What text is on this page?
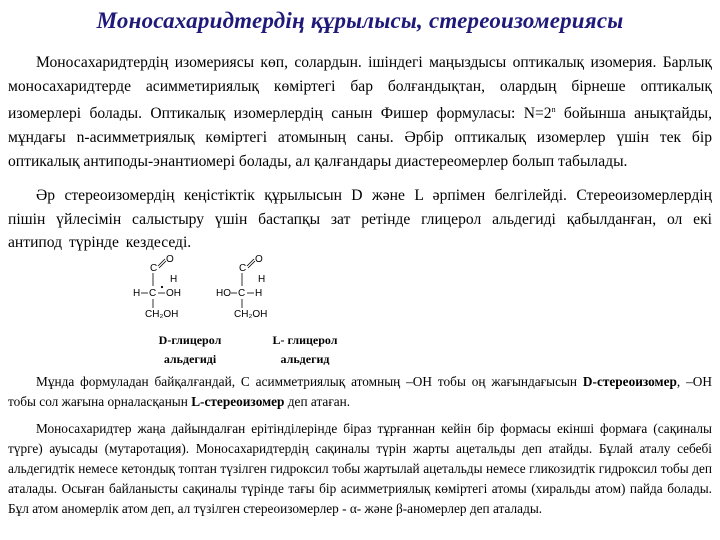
Моносахаридтердің құрылысы, стереоизомериясы

Моносахаридтердің изомериясы көп, солардын. ішіндегі маңыздысы оптикалық изомерия. Барлық моносахаридтерде асимметириялық көміртегі бар болғандықтан, олардың бірнеше оптикалық изомерлері болады. Оптикалық изомерлердің санын Фишер формуласы: $N=2^n$ бойынша анықтайды, мұндағы n-асимметриялық көміртегі атомының саны. Әрбір оптикалық изомерлер үшін тек бір оптикалық антиподы-энантиомері болады, ал қалғандары диастереомерлер болып табылады.

Әр стереоизомердің кеңістіктік құрылысын D және L әрпімен белгілейді. Стереоизомерлердің пішін үйлесімін салыстыру үшін бастапқы зат ретінде глицерол альдегиді қабылданған, ол екі антипод түрінде кездеседі.

C
O
H
H C OH
CH₂OH
C
O
H
HO C H
CH₂OH
D-глицерол
альдегиді
L- глицерол
альдегид

Мұнда формуладан байқалғандай, С асимметриялық атомның –ОН тобы оң жағындағысын D-стереоизомер, –ОН тобы сол жағына орналасқанын L-стереоизомер деп атаған.

Моносахаридтер жаңа дайындалған ерітінділерінде біраз тұрғаннан кейін бір формасы екінші формаға (сақиналы түрге) ауысады (мутаротация). Моносахаридтердің сақиналы түрін жарты ацетальды деп атайды. Бұлай аталу себебі альдегидтік немесе кетондық топтан түзілген гидроксил тобы жартылай ацетальды немесе гликозидтік гидроксил тобы деп аталады. Осыған байланысты сақиналы түрінде тағы бір асимметриялық көміртегі атомы (хиральды атом) пайда болады. Бұл атом аномерлік атом деп, ал түзілген стереоизомерлер - α- және β-аномерлер деп аталады.
